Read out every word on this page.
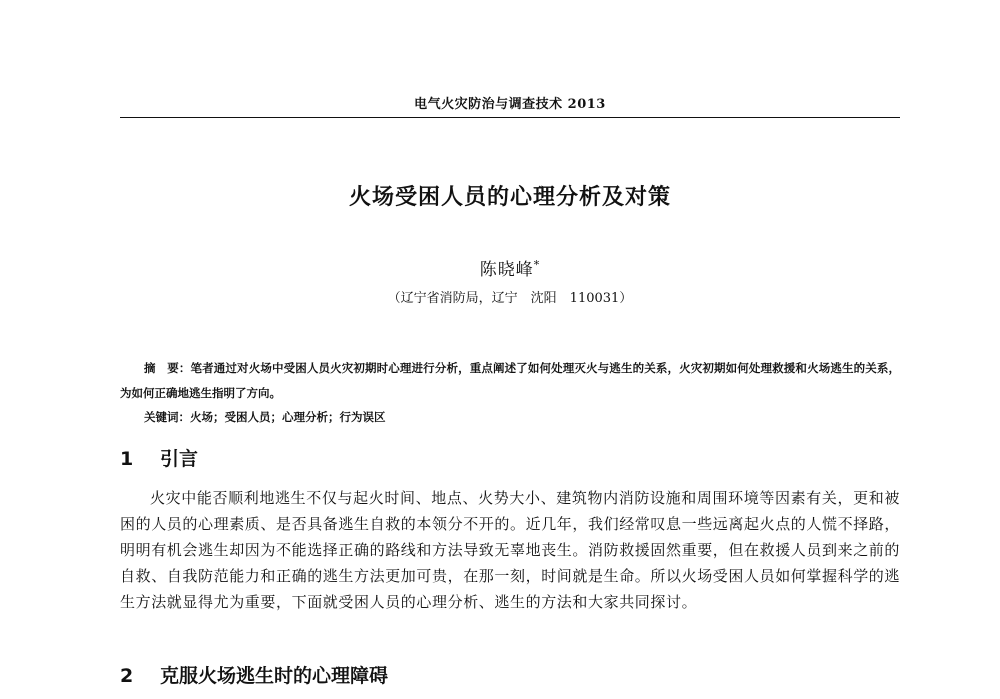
电气火灾防治与调查技术 2013
火场受困人员的心理分析及对策
陈晓峰*
（辽宁省消防局，辽宁　沈阳　110031）
摘　要：笔者通过对火场中受困人员火灾初期时心理进行分析，重点阐述了如何处理灭火与逃生的关系，火灾初期如何处理救援和火场逃生的关系，为如何正确地逃生指明了方向。
关键词：火场；受困人员；心理分析；行为误区
1 引言
火灾中能否顺利地逃生不仅与起火时间、地点、火势大小、建筑物内消防设施和周围环境等因素有关，更和被困的人员的心理素质、是否具备逃生自救的本领分不开的。近几年，我们经常叹息一些远离起火点的人慌不择路，明明有机会逃生却因为不能选择正确的路线和方法导致无辜地丧生。消防救援固然重要，但在救援人员到来之前的自救、自我防范能力和正确的逃生方法更加可贵，在那一刻，时间就是生命。所以火场受困人员如何掌握科学的逃生方法就显得尤为重要，下面就受困人员的心理分析、逃生的方法和大家共同探讨。
2 克服火场逃生时的心理障碍
